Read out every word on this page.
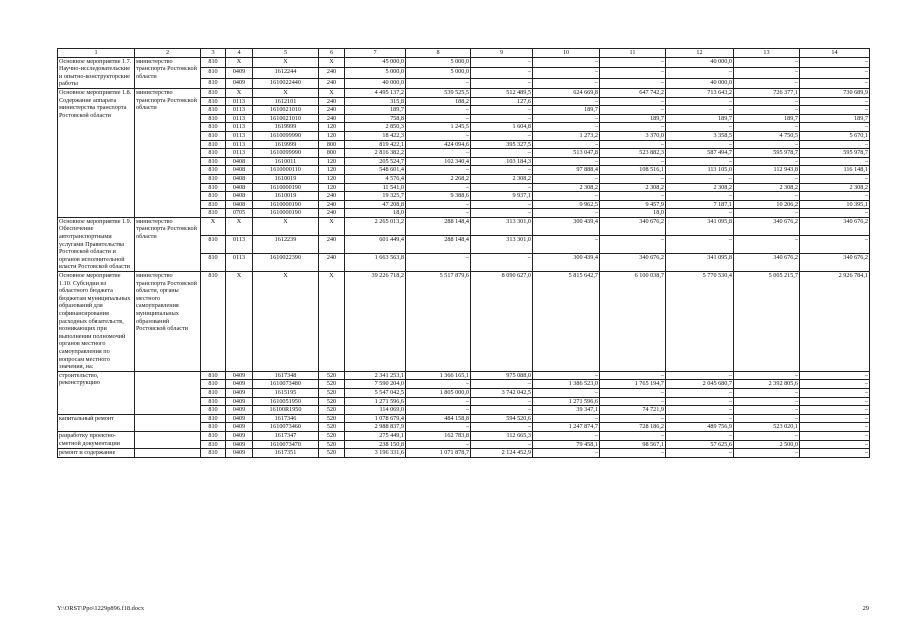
1	2	3	4	5	6	7	8	9	10	11	12	13	14
Основное мероприятие 1.7. Научно-исследовательские и опытно-конструкторские работы	министерство транспорта Ростовской области	810	X	X	X	45 000,0	5 000,0	–	–	–	40 000,0	–	–
		810	0409	1612244	240	5 000,0	5 000,0	–	–	–	–	–	–
		810	0409	1610022440	240	40 000,0	–	–	–	–	40 000,0	–	–
Основное мероприятие 1.8. Содержание аппарата министерства транспорта Ростовской области	министерство транспорта Ростовской области	810	X	X	X	4 495 137,2	539 525,5	512 489,5	624 669,8	647 742,2	713 643,2	726 377,1	730 689,9
		810	0113	1612101	240	315,8	188,2	127,6	–	–	–	–	–
		810	0113	1610021010	240	189,7	–	–	189,7	–	–	–	–
		810	0113	1610021010	240	758,8	–	–	–	189,7	189,7	189,7	189,7
		810	0113	1619999	120	2 850,3	1 245,5	1 604,8	–	–	–	–	–
		810	0113	1610099990	120	18 422,3	–	–	1 273,2	3 370,0	3 358,5	4 750,5	5 670,1
		810	0113	1619999	800	819 422,1	424 094,6	395 327,5	–	–	–	–	–
		810	0113	1610099990	800	2 816 382,2	–	–	513 047,8	523 882,3	587 494,7	595 978,7	595 978,7
		810	0408	1610011	120	205 524,7	102 340,4	103 184,3	–	–	–	–	–
		810	0408	1610000110	120	548 601,4	–	–	97 888,4	108 516,1	113 105,0	112 943,8	116 148,1
		810	0408	1610019	120	4 576,4	2 268,2	2 308,2	–	–	–	–	–
		810	0408	1610000190	120	11 541,0	–	–	2 308,2	2 308,2	2 308,2	2 308,2	2 308,2
		810	0408	1610019	240	19 325,7	9 388,6	9 937,1	–	–	–	–	–
		810	0408	1610000190	240	47 208,8	–	–	9 962,5	9 457,9	7 187,1	10 206,2	10 395,1
		810	0705	1610000190	240	18,0	–	–	–	18,0	–	–	–
Основное мероприятие 1.9. Обеспечение автотранспортными услугами Правительства Ростовской области и органов исполнительной власти Ростовской области	министерство транспорта Ростовской области	X	X	X	X	2 265 013,2	288 148,4	313 301,0	300 439,4	340 676,2	341 095,8	340 676,2	340 676,2
		810	0113	1612239	240	601 449,4	288 148,4	313 301,0	–	–	–	–	–
		810	0113	1610022390	240	1 663 563,8	–	–	300 439,4	340 676,2	341 095,8	340 676,2	340 676,2
Основное мероприятие 1.10. Субсидии из областного бюджета бюджетам муниципальных образований для софинансирования расходных обязательств, возникающих при выполнении полномочий органов местного самоуправления по вопросам местного значения, на:	министерство транспорта Ростовской области, органы местного самоуправления муниципальных образований Ростовской области	810	X	X	X	39 226 718,2	5 517 879,6	8 090 627,0	5 815 642,7	6 100 038,7	5 770 530,4	5 005 215,7	2 926 784,1
строительство, реконструкцию		810	0409	1617348	520	2 341 253,1	1 366 165,1	975 088,0	–	–	–	–	–
		810	0409	1610073480	520	7 590 204,0	–	–	1 386 523,0	1 765 194,7	2 045 680,7	2 392 805,6	–
		810	0409	1615195	520	5 547 042,5	1 805 000,0	3 742 042,5	–	–	–	–	–
		810	0409	1610051950	520	1 271 596,6	–	–	1 271 596,6	–	–	–	–
		810	0409	16100R1950	520	114 069,0	–	–	39 347,1	74 721,9	–	–	–
капитальный ремонт		810	0409	1617346	520	1 078 679,4	484 158,8	594 520,6	–	–	–	–	–
		810	0409	1610073460	520	2 988 837,9	–	–	1 247 874,7	728 186,2	489 756,9	523 020,1	–
разработку проектно-сметной документации		810	0409	1617347	520	275 449,1	162 783,8	112 665,3	–	–	–	–	–
		810	0409	1610073470	520	238 150,8	–	–	79 458,1	98 567,1	57 625,6	2 500,0	–
ремонт и содержание		810	0409	1617351	520	3 196 331,6	1 071 878,7	2 124 452,9	–	–	–	–	–
Y:\ORST\Ppo\1229p896.f18.docx	29
